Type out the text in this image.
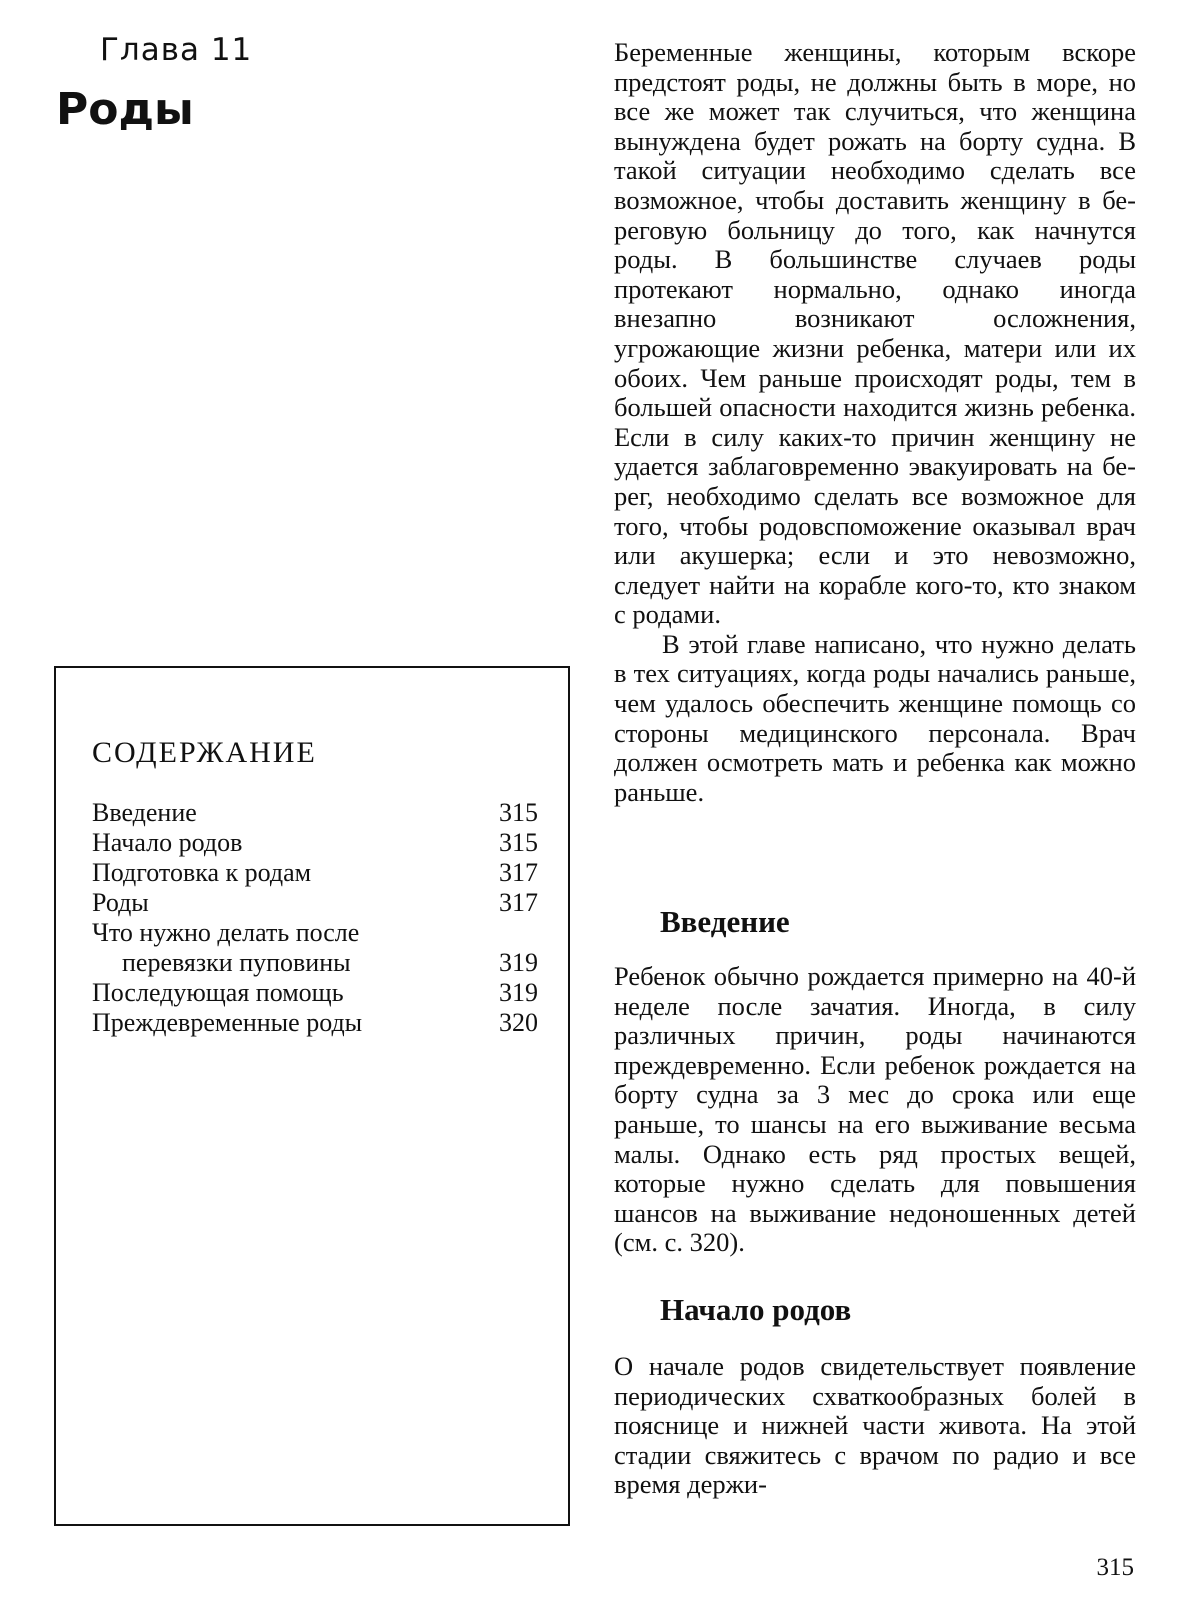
Глава 11
Роды
СОДЕРЖАНИЕ
Введение	315
Начало родов	315
Подготовка к родам	317
Роды	317
Что нужно делать после
перевязки пуповины	319
Последующая помощь	319
Преждевременные роды	320

Беременные женщины, которым вскоре предстоят роды, не должны быть в море, но все же может так случиться, что женщина вынуждена будет рожать на борту судна. В такой ситуации необходимо сделать все возможное, чтобы доставить женщину в береговую больницу до того, как начнутся роды. В большинстве случаев роды протекают нормально, однако иногда внезапно возникают осложнения, угрожающие жизни ребенка, матери или их обоих. Чем раньше происходят роды, тем в большей опасности находится жизнь ребенка. Если в силу каких-то причин женщину не удается заблаговременно эвакуировать на берег, необходимо сделать все возможное для того, чтобы родовспоможение оказывал врач или акушерка; если и это невозможно, следует найти на корабле кого-то, кто знаком с родами.

В этой главе написано, что нужно делать в тех ситуациях, когда роды начались раньше, чем удалось обеспечить женщине помощь со стороны медицинского персонала. Врач должен осмотреть мать и ребенка как можно раньше.

Введение

Ребенок обычно рождается примерно на 40-й неделе после зачатия. Иногда, в силу различных причин, роды начинаются преждевременно. Если ребенок рождается на борту судна за 3 мес до срока или еще раньше, то шансы на его выживание весьма малы. Однако есть ряд простых вещей, которые нужно сделать для повышения шансов на выживание недоношенных детей (см. с. 320).

Начало родов

О начале родов свидетельствует появление периодических схваткообразных болей в пояснице и нижней части живота. На этой стадии свяжитесь с врачом по радио и все время держи-

315
